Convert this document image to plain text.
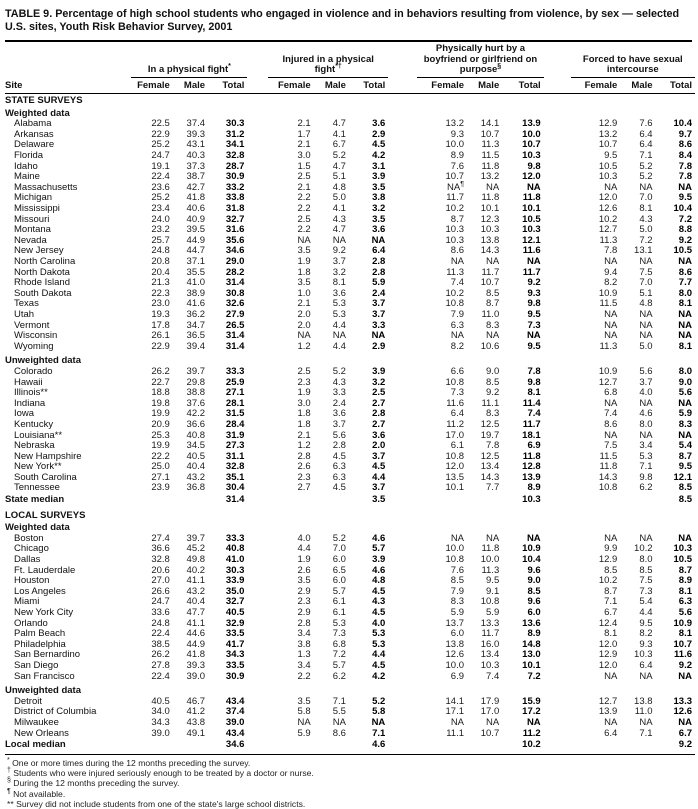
TABLE 9. Percentage of high school students who engaged in violence and in behaviors resulting from violence, by sex — selected U.S. sites, Youth Risk Behavior Survey, 2001
	In a physical fight*				Injured in a physical fight*†				Physically hurt by a boyfriend or girlfriend on purpose§				Forced to have sexual intercourse		
Site	Female	Male	Total		Female	Male	Total		Female	Male	Total		Female	Male	Total
STATE SURVEYS															
Weighted data															
Alabama	22.5	37.4	30.3		2.1	4.7	3.6		13.2	14.1	13.9		12.9	7.6	10.4
Arkansas	22.9	39.3	31.2		1.7	4.1	2.9		9.3	10.7	10.0		13.2	6.4	9.7
Delaware	25.2	43.1	34.1		2.1	6.7	4.5		10.0	11.3	10.7		10.7	6.4	8.6
Florida	24.7	40.3	32.8		3.0	5.2	4.2		8.9	11.5	10.3		9.5	7.1	8.4
Idaho	19.1	37.3	28.7		1.5	4.7	3.1		7.6	11.8	9.8		10.5	5.2	7.8
Maine	22.4	38.7	30.9		2.5	5.1	3.9		10.7	13.2	12.0		10.3	5.2	7.8
Massachusetts	23.6	42.7	33.2		2.1	4.8	3.5		NA¶	NA	NA		NA	NA	NA
Michigan	25.2	41.8	33.8		2.2	5.0	3.8		11.7	11.8	11.8		12.0	7.0	9.5
Mississippi	23.4	40.6	31.8		2.2	4.1	3.2		10.2	10.1	10.1		12.6	8.1	10.4
Missouri	24.0	40.9	32.7		2.5	4.3	3.5		8.7	12.3	10.5		10.2	4.3	7.2
Montana	23.2	39.5	31.6		2.2	4.7	3.6		10.3	10.3	10.3		12.7	5.0	8.8
Nevada	25.7	44.9	35.6		NA	NA	NA		10.3	13.8	12.1		11.3	7.2	9.2
New Jersey	24.8	44.7	34.6		3.5	9.2	6.4		8.6	14.3	11.6		7.8	13.1	10.5
North Carolina	20.8	37.1	29.0		1.9	3.7	2.8		NA	NA	NA		NA	NA	NA
North Dakota	20.4	35.5	28.2		1.8	3.2	2.8		11.3	11.7	11.7		9.4	7.5	8.6
Rhode Island	21.3	41.0	31.4		3.5	8.1	5.9		7.4	10.7	9.2		8.2	7.0	7.7
South Dakota	22.3	38.9	30.8		1.0	3.6	2.4		10.2	8.5	9.3		10.9	5.1	8.0
Texas	23.0	41.6	32.6		2.1	5.3	3.7		10.8	8.7	9.8		11.5	4.8	8.1
Utah	19.3	36.2	27.9		2.0	5.3	3.7		7.9	11.0	9.5		NA	NA	NA
Vermont	17.8	34.7	26.5		2.0	4.4	3.3		6.3	8.3	7.3		NA	NA	NA
Wisconsin	26.1	36.5	31.4		NA	NA	NA		NA	NA	NA		NA	NA	NA
Wyoming	22.9	39.4	31.4		1.2	4.4	2.9		8.2	10.6	9.5		11.3	5.0	8.1
Unweighted data															
Colorado	26.2	39.7	33.3		2.5	5.2	3.9		6.6	9.0	7.8		10.9	5.6	8.0
Hawaii	22.7	29.8	25.9		2.3	4.3	3.2		10.8	8.5	9.8		12.7	3.7	9.0
Illinois**	18.8	38.8	27.1		1.9	3.3	2.5		7.3	9.2	8.1		6.8	4.0	5.6
Indiana	19.8	37.6	28.1		3.0	2.4	2.7		11.6	11.1	11.4		NA	NA	NA
Iowa	19.9	42.2	31.5		1.8	3.6	2.8		6.4	8.3	7.4		7.4	4.6	5.9
Kentucky	20.9	36.6	28.4		1.8	3.7	2.7		11.2	12.5	11.7		8.6	8.0	8.3
Louisiana**	25.3	40.8	31.9		2.1	5.6	3.6		17.0	19.7	18.1		NA	NA	NA
Nebraska	19.9	34.5	27.3		1.2	2.8	2.0		6.1	7.8	6.9		7.5	3.4	5.4
New Hampshire	22.2	40.5	31.1		2.8	4.5	3.7		10.8	12.5	11.8		11.5	5.3	8.7
New York**	25.0	40.4	32.8		2.6	6.3	4.5		12.0	13.4	12.8		11.8	7.1	9.5
South Carolina	27.1	43.2	35.1		2.3	6.3	4.4		13.5	14.3	13.9		14.3	9.8	12.1
Tennessee	23.9	36.8	30.4		2.7	4.5	3.7		10.1	7.7	8.9		10.8	6.2	8.5
State median			31.4				3.5				10.3				8.5
LOCAL SURVEYS															
Weighted data															
Boston	27.4	39.7	33.3		4.0	5.2	4.6		NA	NA	NA		NA	NA	NA
Chicago	36.6	45.2	40.8		4.4	7.0	5.7		10.0	11.8	10.9		9.9	10.2	10.3
Dallas	32.8	49.8	41.0		1.9	6.0	3.9		10.8	10.0	10.4		12.9	8.0	10.5
Ft. Lauderdale	20.6	40.2	30.3		2.6	6.5	4.6		7.6	11.3	9.6		8.5	8.5	8.7
Houston	27.0	41.1	33.9		3.5	6.0	4.8		8.5	9.5	9.0		10.2	7.5	8.9
Los Angeles	26.6	43.2	35.0		2.9	5.7	4.5		7.9	9.1	8.5		8.7	7.3	8.1
Miami	24.7	40.4	32.7		2.3	6.1	4.3		8.3	10.8	9.6		7.1	5.4	6.3
New York City	33.6	47.7	40.5		2.9	6.1	4.5		5.9	5.9	6.0		6.7	4.4	5.6
Orlando	24.8	41.1	32.9		2.8	5.3	4.0		13.7	13.3	13.6		12.4	9.5	10.9
Palm Beach	22.4	44.6	33.5		3.4	7.3	5.3		6.0	11.7	8.9		8.1	8.2	8.1
Philadelphia	38.5	44.9	41.7		3.8	6.8	5.3		13.8	16.0	14.8		12.0	9.3	10.7
San Bernardino	26.2	41.8	34.3		1.3	7.2	4.4		12.6	13.4	13.0		12.9	10.3	11.6
San Diego	27.8	39.3	33.5		3.4	5.7	4.5		10.0	10.3	10.1		12.0	6.4	9.2
San Francisco	22.4	39.0	30.9		2.2	6.2	4.2		6.9	7.4	7.2		NA	NA	NA
Unweighted data															
Detroit	40.5	46.7	43.4		3.5	7.1	5.2		14.1	17.9	15.9		12.7	13.8	13.3
District of Columbia	34.0	41.2	37.4		5.8	5.5	5.8		17.1	17.0	17.2		13.9	11.0	12.6
Milwaukee	34.3	43.8	39.0		NA	NA	NA		NA	NA	NA		NA	NA	NA
New Orleans	39.0	49.1	43.4		5.9	8.6	7.1		11.1	10.7	11.2		6.4	7.1	6.7
Local median			34.6				4.6				10.2				9.2

* One or more times during the 12 months preceding the survey.
† Students who were injured seriously enough to be treated by a doctor or nurse.
§ During the 12 months preceding the survey.
¶ Not available.
** Survey did not include students from one of the state's large school districts.
